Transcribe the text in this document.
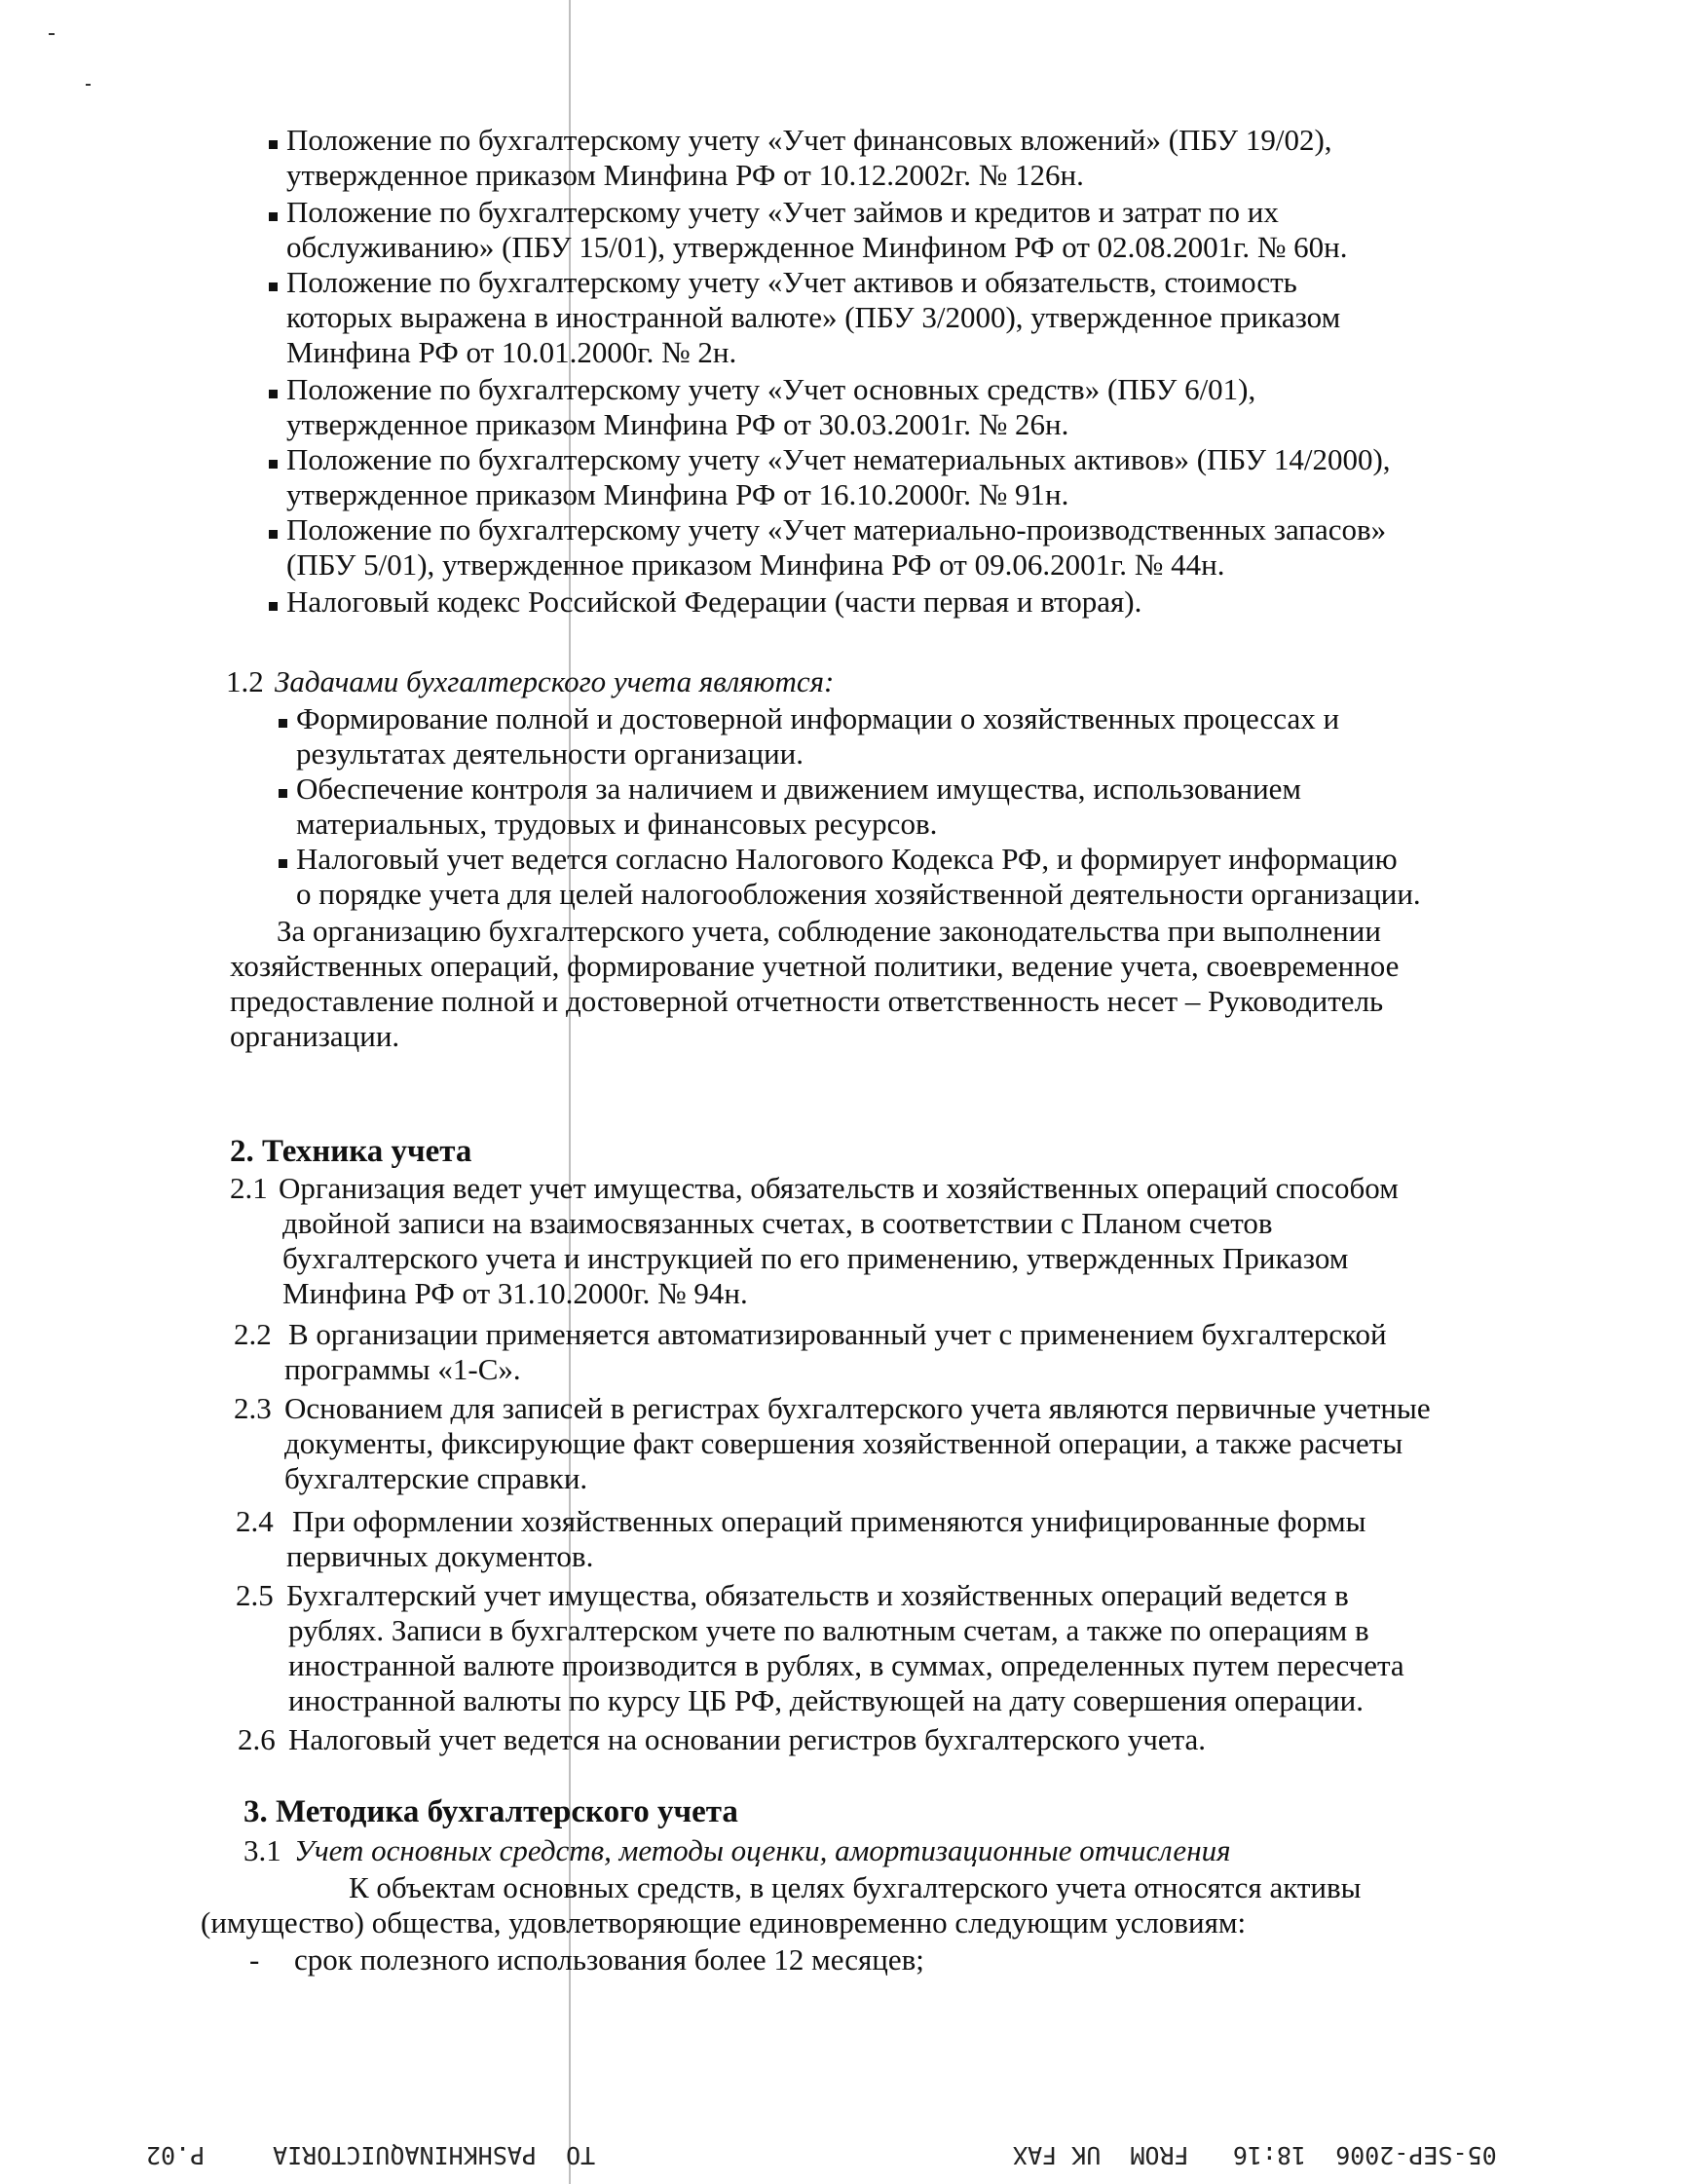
Положение по бухгалтерскому учету «Учет финансовых вложений» (ПБУ 19/02),
утвержденное приказом Минфина РФ от 10.12.2002г. № 126н.
Положение по бухгалтерскому учету «Учет займов и кредитов и затрат по их
обслуживанию» (ПБУ 15/01), утвержденное Минфином РФ от 02.08.2001г. № 60н.
Положение по бухгалтерскому учету «Учет активов и обязательств, стоимость
которых выражена в иностранной валюте» (ПБУ 3/2000), утвержденное приказом
Минфина РФ от 10.01.2000г. № 2н.
Положение по бухгалтерскому учету «Учет основных средств» (ПБУ 6/01),
утвержденное приказом Минфина РФ от 30.03.2001г. № 26н.
Положение по бухгалтерскому учету «Учет нематериальных активов» (ПБУ 14/2000),
утвержденное приказом Минфина РФ от 16.10.2000г. № 91н.
Положение по бухгалтерскому учету «Учет материально-производственных запасов»
(ПБУ 5/01), утвержденное приказом Минфина РФ от 09.06.2001г. № 44н.
Налоговый кодекс Российской Федерации (части первая и вторая).
1.2 Задачами бухгалтерского учета являются:
Формирование полной и достоверной информации о хозяйственных процессах и
результатах деятельности организации.
Обеспечение контроля за наличием и движением имущества, использованием
материальных, трудовых и финансовых ресурсов.
Налоговый учет ведется согласно Налогового Кодекса РФ, и формирует информацию
о порядке учета для целей налогообложения хозяйственной деятельности организации.
За организацию бухгалтерского учета, соблюдение законодательства при выполнении
хозяйственных операций, формирование учетной политики, ведение учета, своевременное
предоставление полной и достоверной отчетности ответственность несет – Руководитель
организации.
2. Техника учета
2.1 Организация ведет учет имущества, обязательств и хозяйственных операций способом
двойной записи на взаимосвязанных счетах, в соответствии с Планом счетов
бухгалтерского учета и инструкцией по его применению, утвержденных Приказом
Минфина РФ от 31.10.2000г. № 94н.
2.2 В организации применяется автоматизированный учет с применением бухгалтерской
программы «1-С».
2.3 Основанием для записей в регистрах бухгалтерского учета являются первичные учетные
документы, фиксирующие факт совершения хозяйственной операции, а также расчеты
бухгалтерские справки.
2.4 При оформлении хозяйственных операций применяются унифицированные формы
первичных документов.
2.5 Бухгалтерский учет имущества, обязательств и хозяйственных операций ведется в
рублях. Записи в бухгалтерском учете по валютным счетам, а также по операциям в
иностранной валюте производится в рублях, в суммах, определенных путем пересчета
иностранной валюты по курсу ЦБ РФ, действующей на дату совершения операции.
2.6 Налоговый учет ведется на основании регистров бухгалтерского учета.
3. Методика бухгалтерского учета
3.1 Учет основных средств, методы оценки, амортизационные отчисления
К объектам основных средств, в целях бухгалтерского учета относятся активы
(имущество) общества, удовлетворяющие единовременно следующим условиям:
- срок полезного использования более 12 месяцев;
P.02	TO  PASHKHINAQUICTORIA	05-SEP-2006  18:16   FROM  UK FAX
